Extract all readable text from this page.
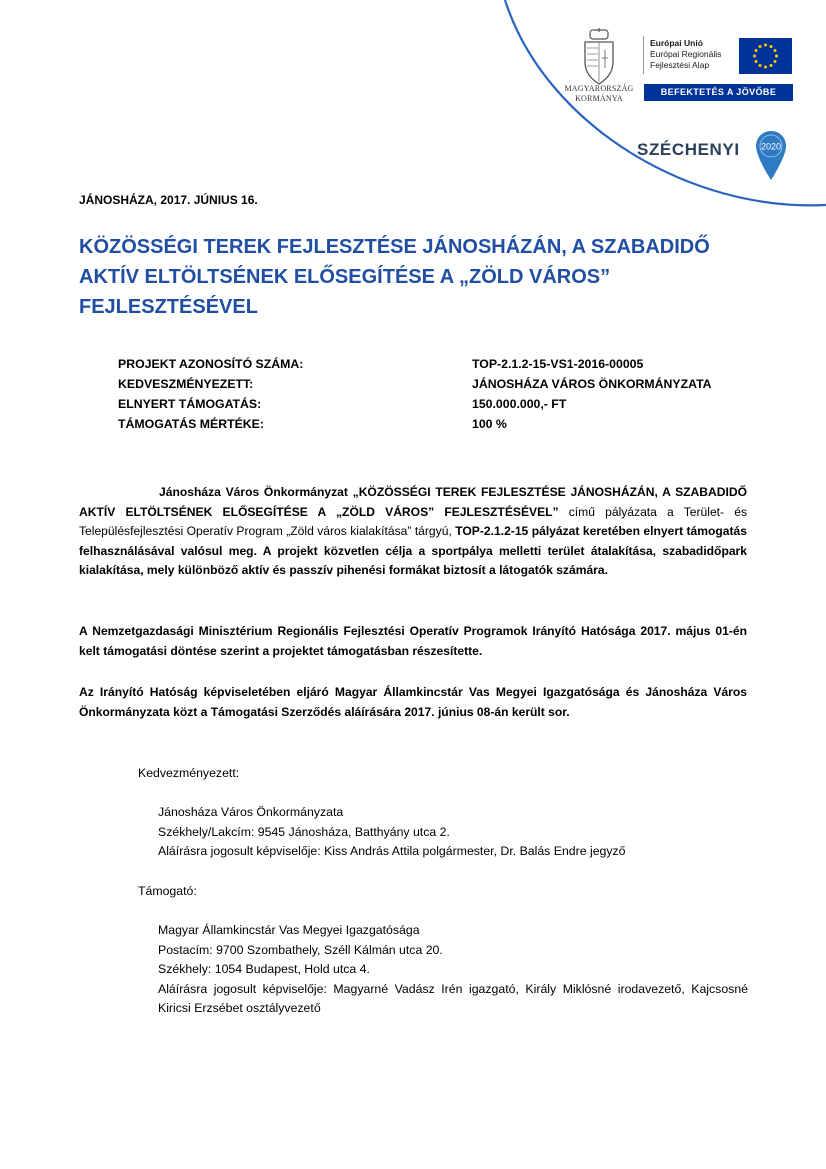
MAGYARORSZÁG
KORMÁNYA
Európai Unió
Európai Regionális
Fejlesztési Alap
BEFEKTETÉS A JÖVŐBE
SZÉCHENYI 2020
JÁNOSHÁZA, 2017. JÚNIUS 16.
KÖZÖSSÉGI TEREK FEJLESZTÉSE JÁNOSHÁZÁN, A SZABADIDŐ AKTÍV ELTÖLTSÉNEK ELŐSEGÍTÉSE A „ZÖLD VÁROS” FEJLESZTÉSÉVEL
PROJEKT AZONOSÍTÓ SZÁMA:	TOP-2.1.2-15-VS1-2016-00005
KEDVESZMÉNYEZETT:	JÁNOSHÁZA VÁROS ÖNKORMÁNYZATA
ELNYERT TÁMOGATÁS:	150.000.000,- FT
TÁMOGATÁS MÉRTÉKE:	100 %

Jánosháza Város Önkormányzat „KÖZÖSSÉGI TEREK FEJLESZTÉSE JÁNOSHÁZÁN, A SZABADIDŐ AKTÍV ELTÖLTSÉNEK ELŐSEGÍTÉSE A „ZÖLD VÁROS” FEJLESZTÉSÉVEL” című pályázata a Terület- és Településfejlesztési Operatív Program „Zöld város kialakítása” tárgyú, TOP-2.1.2-15 pályázat keretében elnyert támogatás felhasználásával valósul meg. A projekt közvetlen célja a sportpálya melletti terület átalakítása, szabadidőpark kialakítása, mely különböző aktív és passzív pihenési formákat biztosít a látogatók számára.

A Nemzetgazdasági Minisztérium Regionális Fejlesztési Operatív Programok Irányító Hatósága 2017. május 01-én kelt támogatási döntése szerint a projektet támogatásban részesítette.

Az Irányító Hatóság képviseletében eljáró Magyar Államkincstár Vas Megyei Igazgatósága és Jánosháza Város Önkormányzata közt a Támogatási Szerződés aláírására 2017. június 08-án került sor.

Kedvezményezett:
Jánosháza Város Önkormányzata
Székhely/Lakcím: 9545 Jánosháza, Batthyány utca 2.
Aláírásra jogosult képviselője: Kiss András Attila polgármester, Dr. Balás Endre jegyző
Támogató:
Magyar Államkincstár Vas Megyei Igazgatósága
Postacím: 9700 Szombathely, Széll Kálmán utca 20.
Székhely: 1054 Budapest, Hold utca 4.
Aláírásra jogosult képviselője: Magyarné Vadász Irén igazgató, Király Miklósné irodavezető, Kajcsosné Kiricsi Erzsébet osztályvezető
